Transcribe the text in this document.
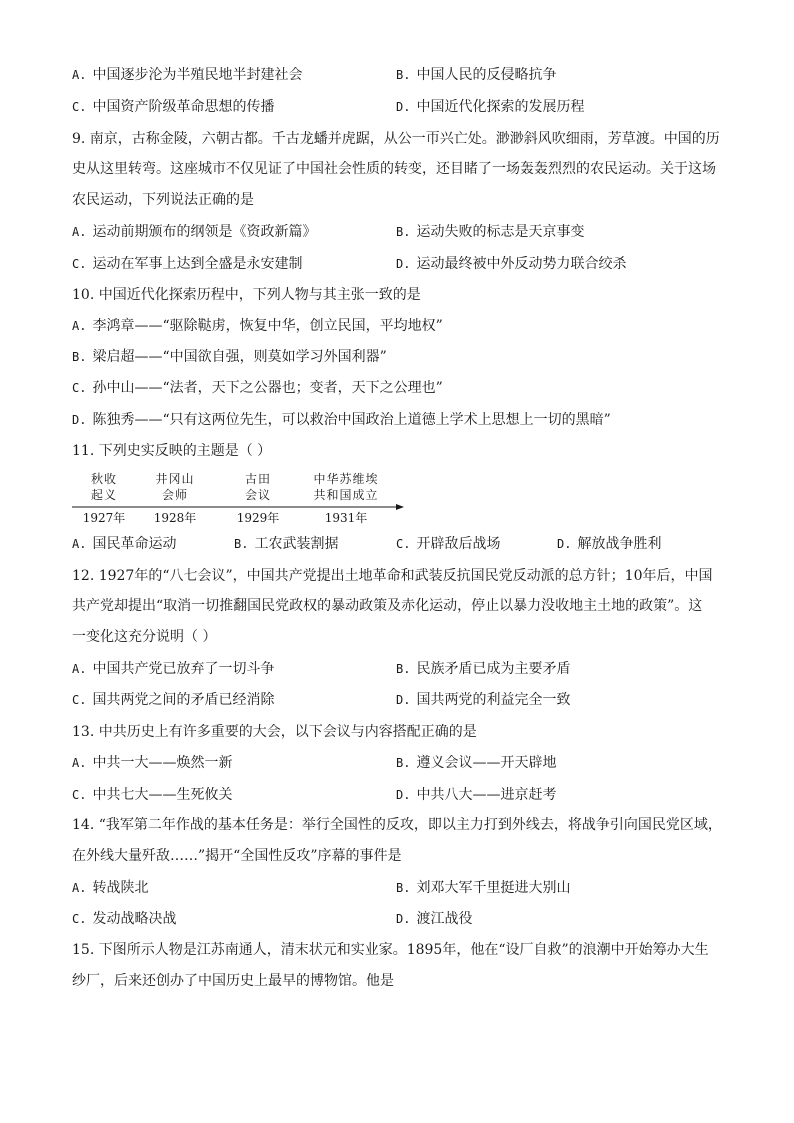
A. 中国逐步沦为半殖民地半封建社会	B. 中国人民的反侵略抗争
C. 中国资产阶级革命思想的传播	D. 中国近代化探索的发展历程
9. 南京，古称金陵，六朝古都。千古龙蟠并虎踞，从公一帀兴亡处。渺渺斜风吹细雨，芳草渡。中国的历
史从这里转弯。这座城市不仅见证了中国社会性质的转变，还目睹了一场轰轰烈烈的农民运动。关于这场
农民运动，下列说法正确的是
A. 运动前期颁布的纲领是《资政新篇》	B. 运动失败的标志是天京事变
C. 运动在军事上达到全盛是永安建制	D. 运动最终被中外反动势力联合绞杀
10. 中国近代化探索历程中，下列人物与其主张一致的是
A. 李鸿章——“驱除鞑虏，恢复中华，创立民国，平均地权”
B. 梁启超——“中国欲自强，则莫如学习外国利器”
C. 孙中山——“法者，天下之公器也；变者，天下之公理也”
D. 陈独秀——“只有这两位先生，可以救治中国政治上道德上学术上思想上一切的黑暗”
11. 下列史实反映的主题是（ ）
秋收
起义
1927年
井冈山
会师
1928年
古田
会议
1929年
中华苏维埃
共和国成立
1931年
A. 国民革命运动	B. 工农武装割据	C. 开辟敌后战场	D. 解放战争胜利
12. 1927年的“八七会议”，中国共产党提出土地革命和武装反抗国民党反动派的总方针；10年后，中国
共产党却提出“取消一切推翻国民党政权的暴动政策及赤化运动，停止以暴力没收地主土地的政策”。这
一变化这充分说明（ ）
A. 中国共产党已放弃了一切斗争	B. 民族矛盾已成为主要矛盾
C. 国共两党之间的矛盾已经消除	D. 国共两党的利益完全一致
13. 中共历史上有许多重要的大会，以下会议与内容搭配正确的是
A. 中共一大——焕然一新	B. 遵义会议——开天辟地
C. 中共七大——生死攸关	D. 中共八大——进京赶考
14. “我军第二年作战的基本任务是：举行全国性的反攻，即以主力打到外线去，将战争引向国民党区域，
在外线大量歼敌……”揭开“全国性反攻”序幕的事件是
A. 转战陕北	B. 刘邓大军千里挺进大别山
C. 发动战略决战	D. 渡江战役
15. 下图所示人物是江苏南通人，清末状元和实业家。1895年，他在“设厂自救”的浪潮中开始筹办大生
纱厂，后来还创办了中国历史上最早的博物馆。他是
